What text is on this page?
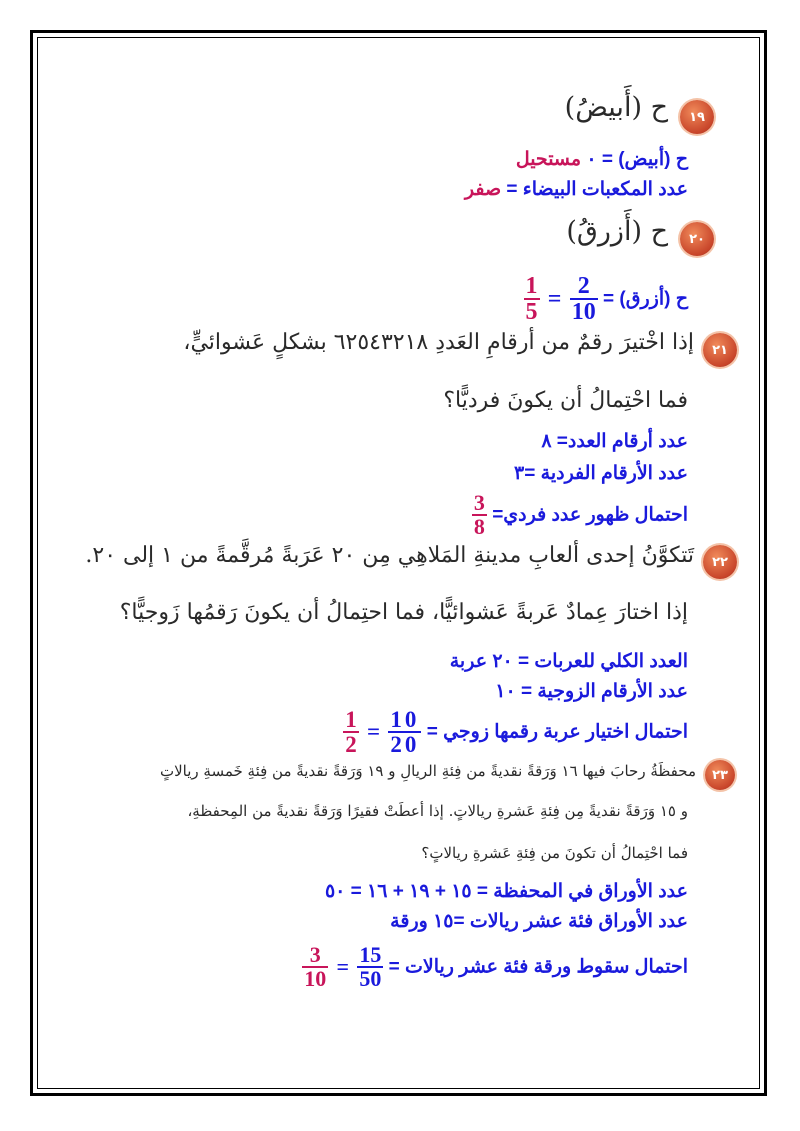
١٩
ح (أَبيضُ)
ح (أبيض) = ٠ مستحيل
عدد المكعبات البيضاء = صفر
٢٠
ح (أَزرقُ)
ح (أزرق) =
$\frac{2}{10}$
=
$\frac{1}{5}$
٢١
إذا اخْتيرَ رقمٌ من أرقامِ العَددِ ٦٢٥٤٣٢١٨ بشكلٍ عَشوائيٍّ،
فما احْتِمالُ أن يكونَ فرديًّا؟
عدد أرقام العدد= ٨
عدد الأرقام الفردية =٣
احتمال ظهور عدد فردي=
$\frac{3}{8}$
٢٢
تَتكوَّنُ إحدى ألعابِ مدينةِ المَلاهِي مِن ٢٠ عَرَبةً مُرقَّمةً من ١ إلى ٢٠.
إذا اختارَ عِمادٌ عَربةً عَشوائيًّا، فما احتِمالُ أن يكونَ رَقمُها زَوجيًّا؟
العدد الكلي للعربات = ٢٠ عربة
عدد الأرقام الزوجية = ١٠
احتمال اختيار عربة رقمها زوجي =
$\frac{10}{20}$
=
$\frac{1}{2}$
٢٣
محفظَةُ رحابَ فيها ١٦ وَرَقةً نقديةً من فِئةِ الريالِ و ١٩ وَرَقةً نقديةً من فِئةِ خَمسةِ ريالاتٍ
و ١٥ وَرَقةً نقديةً مِن فِئةِ عَشرةِ ريالاتٍ. إذا أعطَتْ فقيرًا وَرَقةً نقديةً من المِحفظةِ،
فما احْتِمالُ أن تكونَ من فِئةِ عَشرةِ ريالاتٍ؟
عدد الأوراق في المحفظة = ١٥ + ١٩ + ١٦ = ٥٠
عدد الأوراق فئة عشر ريالات =١٥ ورقة
احتمال سقوط ورقة فئة عشر ريالات =
$\frac{15}{50}$
=
$\frac{3}{10}$
